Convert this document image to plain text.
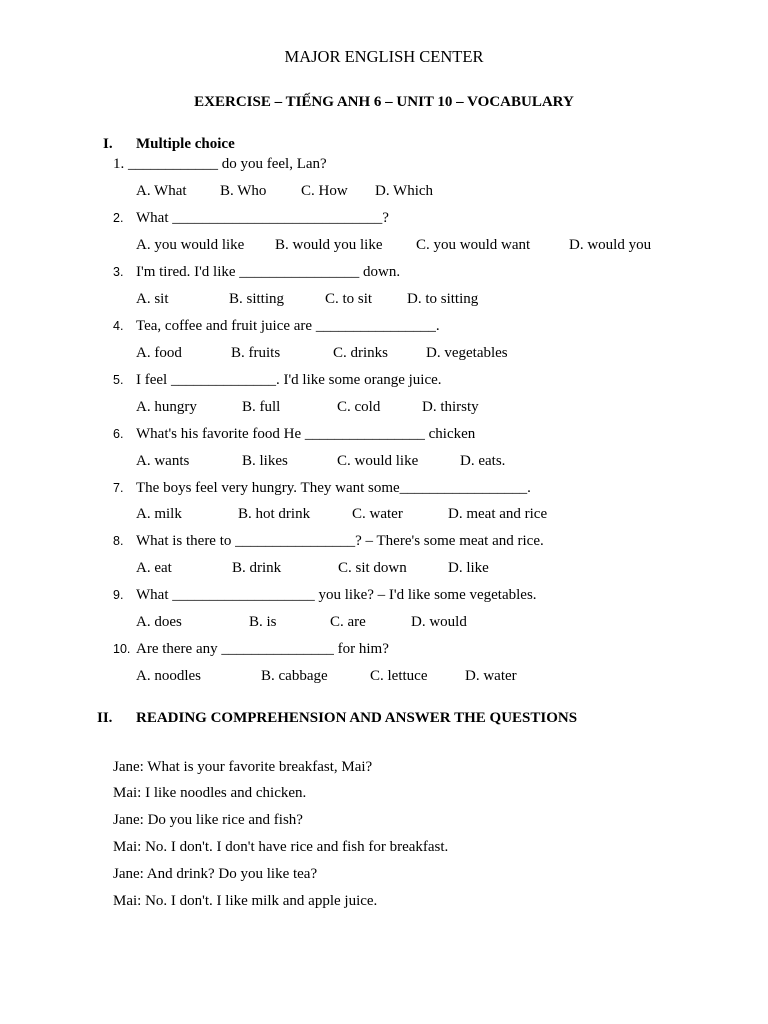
MAJOR ENGLISH CENTER
EXERCISE – TIẾNG ANH 6 – UNIT 10 – VOCABULARY
I. Multiple choice
1. ____________ do you feel, Lan?
A. What B. Who C. How D. Which
2. What ____________________________?
A. you would like B. would you like C. you would want	D. would you
3. I'm tired. I'd like ________________ down.
A. sit	B. sitting	C. to sit D. to sitting
4. Tea, coffee and fruit juice are ________________.
A. food	B. fruits	C. drinks	D. vegetables
5. I feel ______________. I'd like some orange juice.
A. hungry	B. full	C. cold	D. thirsty
6. What's his favorite food He ________________ chicken
A. wants	B. likes	C. would like	D. eats.
7. The boys feel very hungry. They want some_________________.
A. milk	B. hot drink	C. water	D. meat and rice
8. What is there to ________________? – There's some meat and rice.
A. eat	B. drink	C. sit down	D. like
9. What ___________________ you like? – I'd like some vegetables.
A. does	B. is	C. are	D. would
10. Are there any _______________ for him?
A. noodles	B. cabbage	C. lettuce	D. water
II. READING COMPREHENSION AND ANSWER THE QUESTIONS
Jane: What is your favorite breakfast, Mai?
Mai: I like noodles and chicken.
Jane: Do you like rice and fish?
Mai: No. I don't. I don't have rice and fish for breakfast.
Jane: And drink? Do you like tea?
Mai: No. I don't. I like milk and apple juice.
